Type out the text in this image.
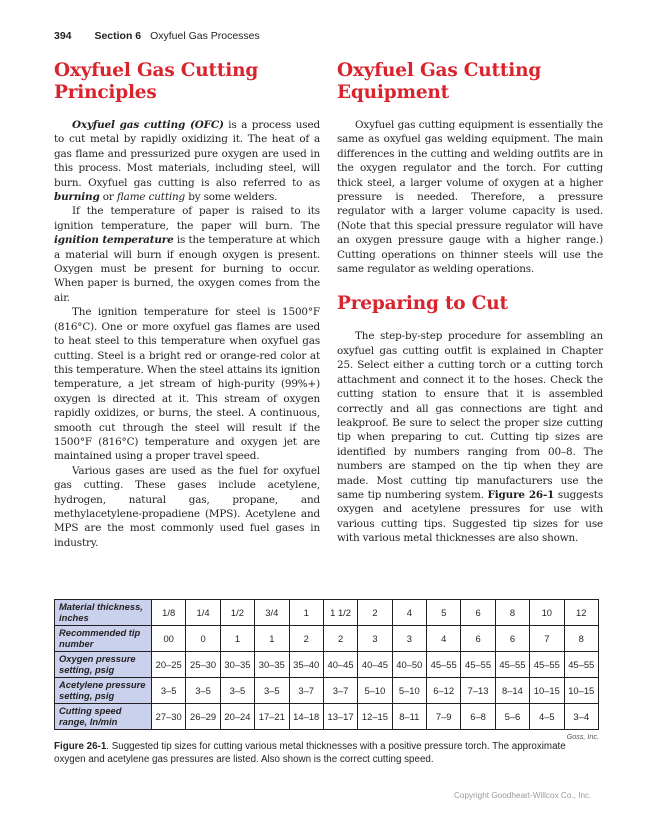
394 Section 6 Oxyfuel Gas Processes
Oxyfuel Gas Cutting Principles

Oxyfuel gas cutting (OFC) is a process used to cut metal by rapidly oxidizing it. The heat of a gas flame and pressurized pure oxygen are used in this process. Most materials, including steel, will burn. Oxyfuel gas cutting is also referred to as burning or flame cutting by some welders.

If the temperature of paper is raised to its ignition temperature, the paper will burn. The ignition temperature is the temperature at which a material will burn if enough oxygen is present. Oxygen must be present for burning to occur. When paper is burned, the oxygen comes from the air.

The ignition temperature for steel is 1500°F (816°C). One or more oxyfuel gas flames are used to heat steel to this temperature when oxyfuel gas cutting. Steel is a bright red or orange-red color at this temperature. When the steel attains its ignition temperature, a jet stream of high-purity (99%+) oxygen is directed at it. This stream of oxygen rapidly oxidizes, or burns, the steel. A continuous, smooth cut through the steel will result if the 1500°F (816°C) temperature and oxygen jet are maintained using a proper travel speed.

Various gases are used as the fuel for oxyfuel gas cutting. These gases include acetylene, hydrogen, natural gas, propane, and methylacetylene-propadiene (MPS). Acetylene and MPS are the most commonly used fuel gases in industry.

Oxyfuel Gas Cutting Equipment

Oxyfuel gas cutting equipment is essentially the same as oxyfuel gas welding equipment. The main differences in the cutting and welding outfits are in the oxygen regulator and the torch. For cutting thick steel, a larger volume of oxygen at a higher pressure is needed. Therefore, a pressure regulator with a larger volume capacity is used. (Note that this special pressure regulator will have an oxygen pressure gauge with a higher range.) Cutting operations on thinner steels will use the same regulator as welding operations.

Preparing to Cut

The step-by-step procedure for assembling an oxyfuel gas cutting outfit is explained in Chapter 25. Select either a cutting torch or a cutting torch attachment and connect it to the hoses. Check the cutting station to ensure that it is assembled correctly and all gas connections are tight and leakproof. Be sure to select the proper size cutting tip when preparing to cut. Cutting tip sizes are identified by numbers ranging from 00–8. The numbers are stamped on the tip when they are made. Most cutting tip manufacturers use the same tip numbering system. Figure 26-1 suggests oxygen and acetylene pressures for use with various cutting tips. Suggested tip sizes for use with various metal thicknesses are also shown.

Material thickness, inches	1/8	1/4	1/2	3/4	1	1 1/2	2	4	5	6	8	10	12
Recommended tip number	00	0	1	1	2	2	3	3	4	6	6	7	8
Oxygen pressure setting, psig	20–25	25–30	30–35	30–35	35–40	40–45	40–45	40–50	45–55	45–55	45–55	45–55	45–55
Acetylene pressure setting, psig	3–5	3–5	3–5	3–5	3–7	3–7	5–10	5–10	6–12	7–13	8–14	10–15	10–15
Cutting speed range, In/min	27–30	26–29	20–24	17–21	14–18	13–17	12–15	8–11	7–9	6–8	5–6	4–5	3–4
Goss, Inc.
Figure 26-1. Suggested tip sizes for cutting various metal thicknesses with a positive pressure torch. The approximate oxygen and acetylene gas pressures are listed. Also shown is the correct cutting speed.
Copyright Goodheart-Willcox Co., Inc.
